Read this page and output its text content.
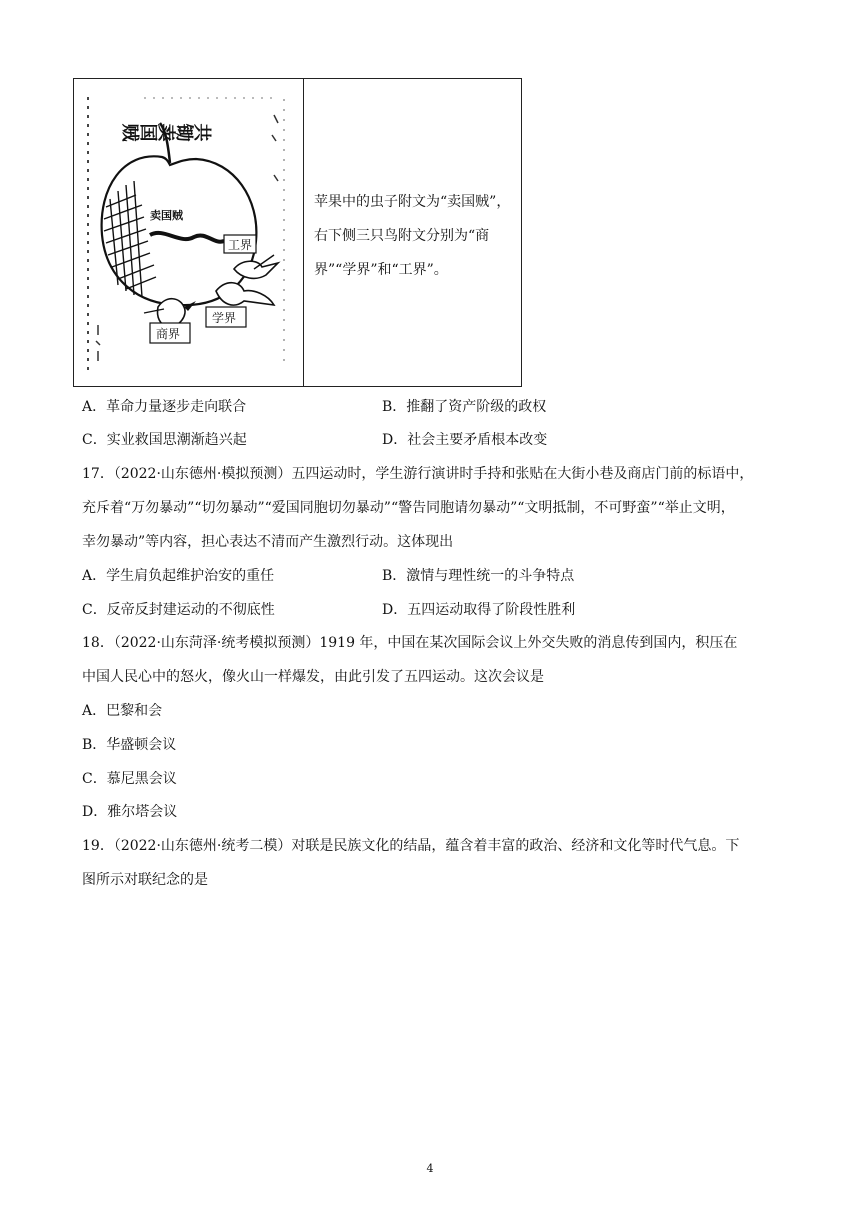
共锄卖国贼
卖国贼
工界
商界
学界

苹果中的虫子附文为“卖国贼”，右下侧三只鸟附文分别为“商界”“学界”和“工界”。

A．革命力量逐步走向联合	B．推翻了资产阶级的政权
C．实业救国思潮渐趋兴起	D．社会主要矛盾根本改变
17．（2022·山东德州·模拟预测）五四运动时，学生游行演讲时手持和张贴在大街小巷及商店门前的标语中，
充斥着“万勿暴动”“切勿暴动”“爱国同胞切勿暴动”“警告同胞请勿暴动”“文明抵制，不可野蛮”“举止文明，
幸勿暴动”等内容，担心表达不清而产生激烈行动。这体现出
A．学生肩负起维护治安的重任	B．激情与理性统一的斗争特点
C．反帝反封建运动的不彻底性	D．五四运动取得了阶段性胜利
18．（2022·山东菏泽·统考模拟预测）1919 年，中国在某次国际会议上外交失败的消息传到国内，积压在
中国人民心中的怒火，像火山一样爆发，由此引发了五四运动。这次会议是
A．巴黎和会
B．华盛顿会议
C．慕尼黑会议
D．雅尔塔会议
19．（2022·山东德州·统考二模）对联是民族文化的结晶，蕴含着丰富的政治、经济和文化等时代气息。下
图所示对联纪念的是
4
